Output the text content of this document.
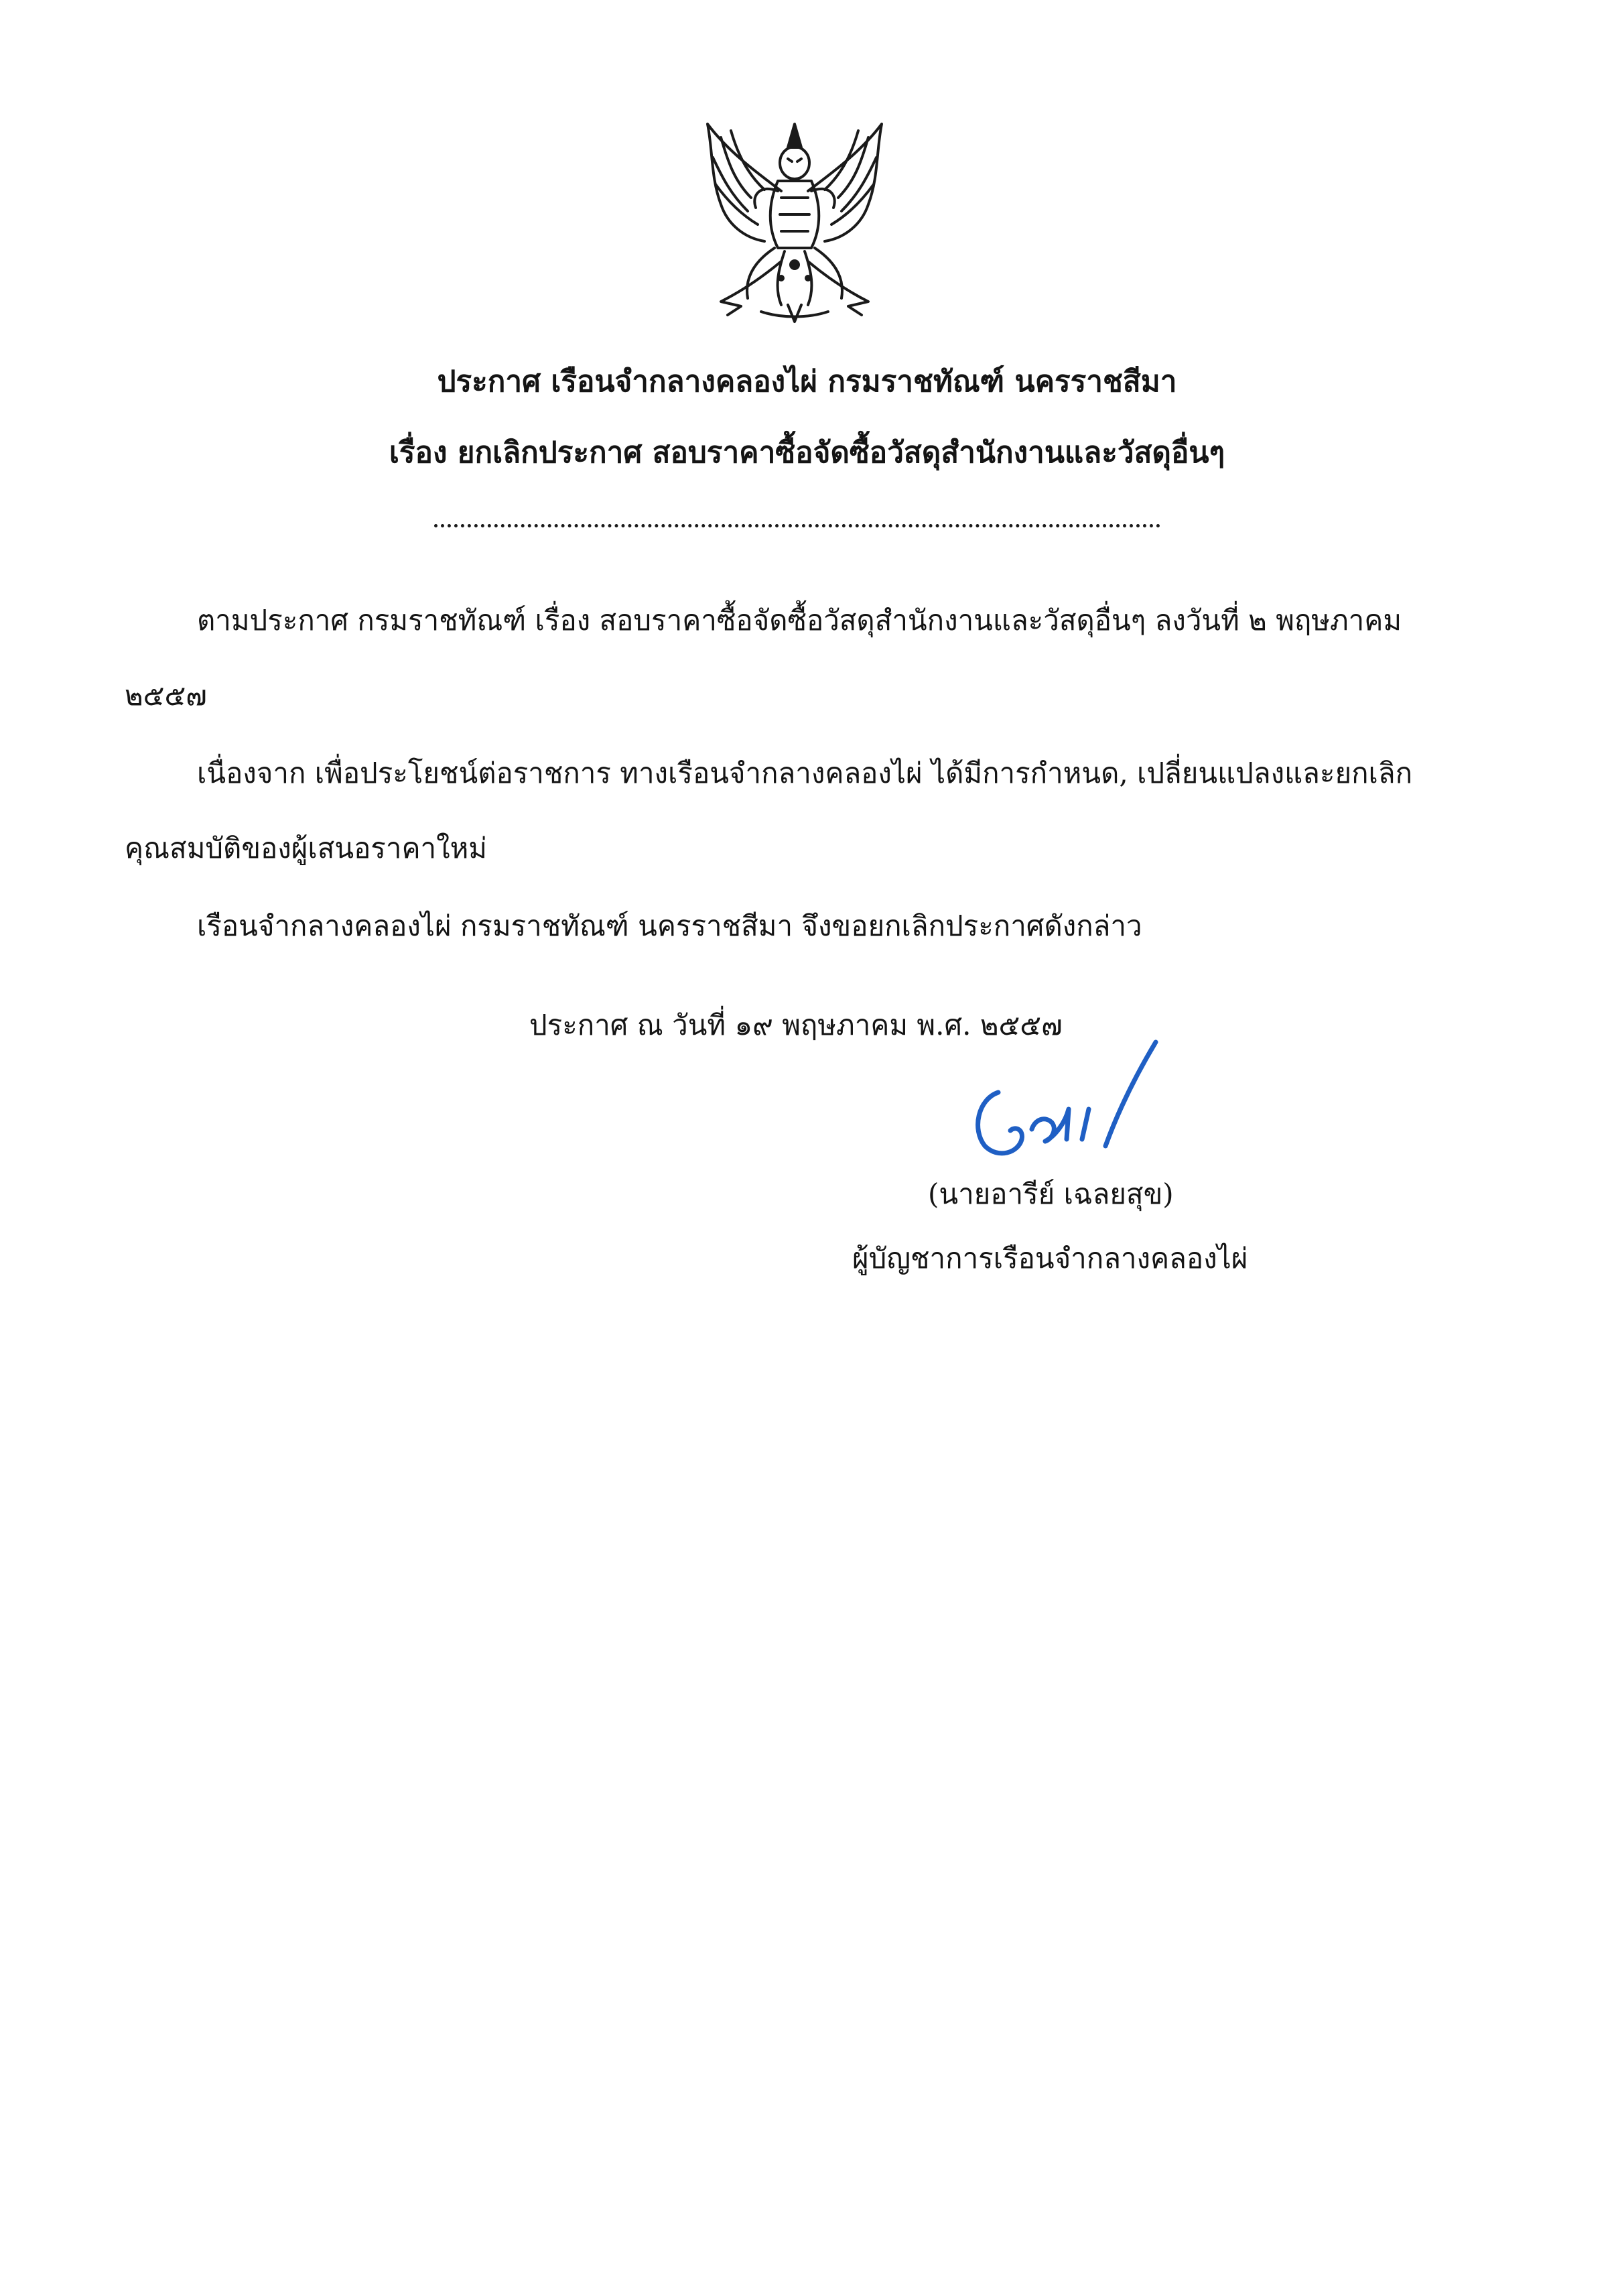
ประกาศ เรือนจำกลางคลองไผ่ กรมราชทัณฑ์ นครราชสีมา
เรื่อง ยกเลิกประกาศ สอบราคาซื้อจัดซื้อวัสดุสำนักงานและวัสดุอื่นๆ

ตามประกาศ กรมราชทัณฑ์ เรื่อง สอบราคาซื้อจัดซื้อวัสดุสำนักงานและวัสดุอื่นๆ ลงวันที่ ๒ พฤษภาคม ๒๕๕๗

เนื่องจาก เพื่อประโยชน์ต่อราชการ ทางเรือนจำกลางคลองไผ่ ได้มีการกำหนด, เปลี่ยนแปลงและยกเลิกคุณสมบัติของผู้เสนอราคาใหม่

เรือนจำกลางคลองไผ่ กรมราชทัณฑ์ นครราชสีมา จึงขอยกเลิกประกาศดังกล่าว

ประกาศ ณ วันที่ ๑๙ พฤษภาคม พ.ศ. ๒๕๕๗
(นายอารีย์ เฉลยสุข)
ผู้บัญชาการเรือนจำกลางคลองไผ่
